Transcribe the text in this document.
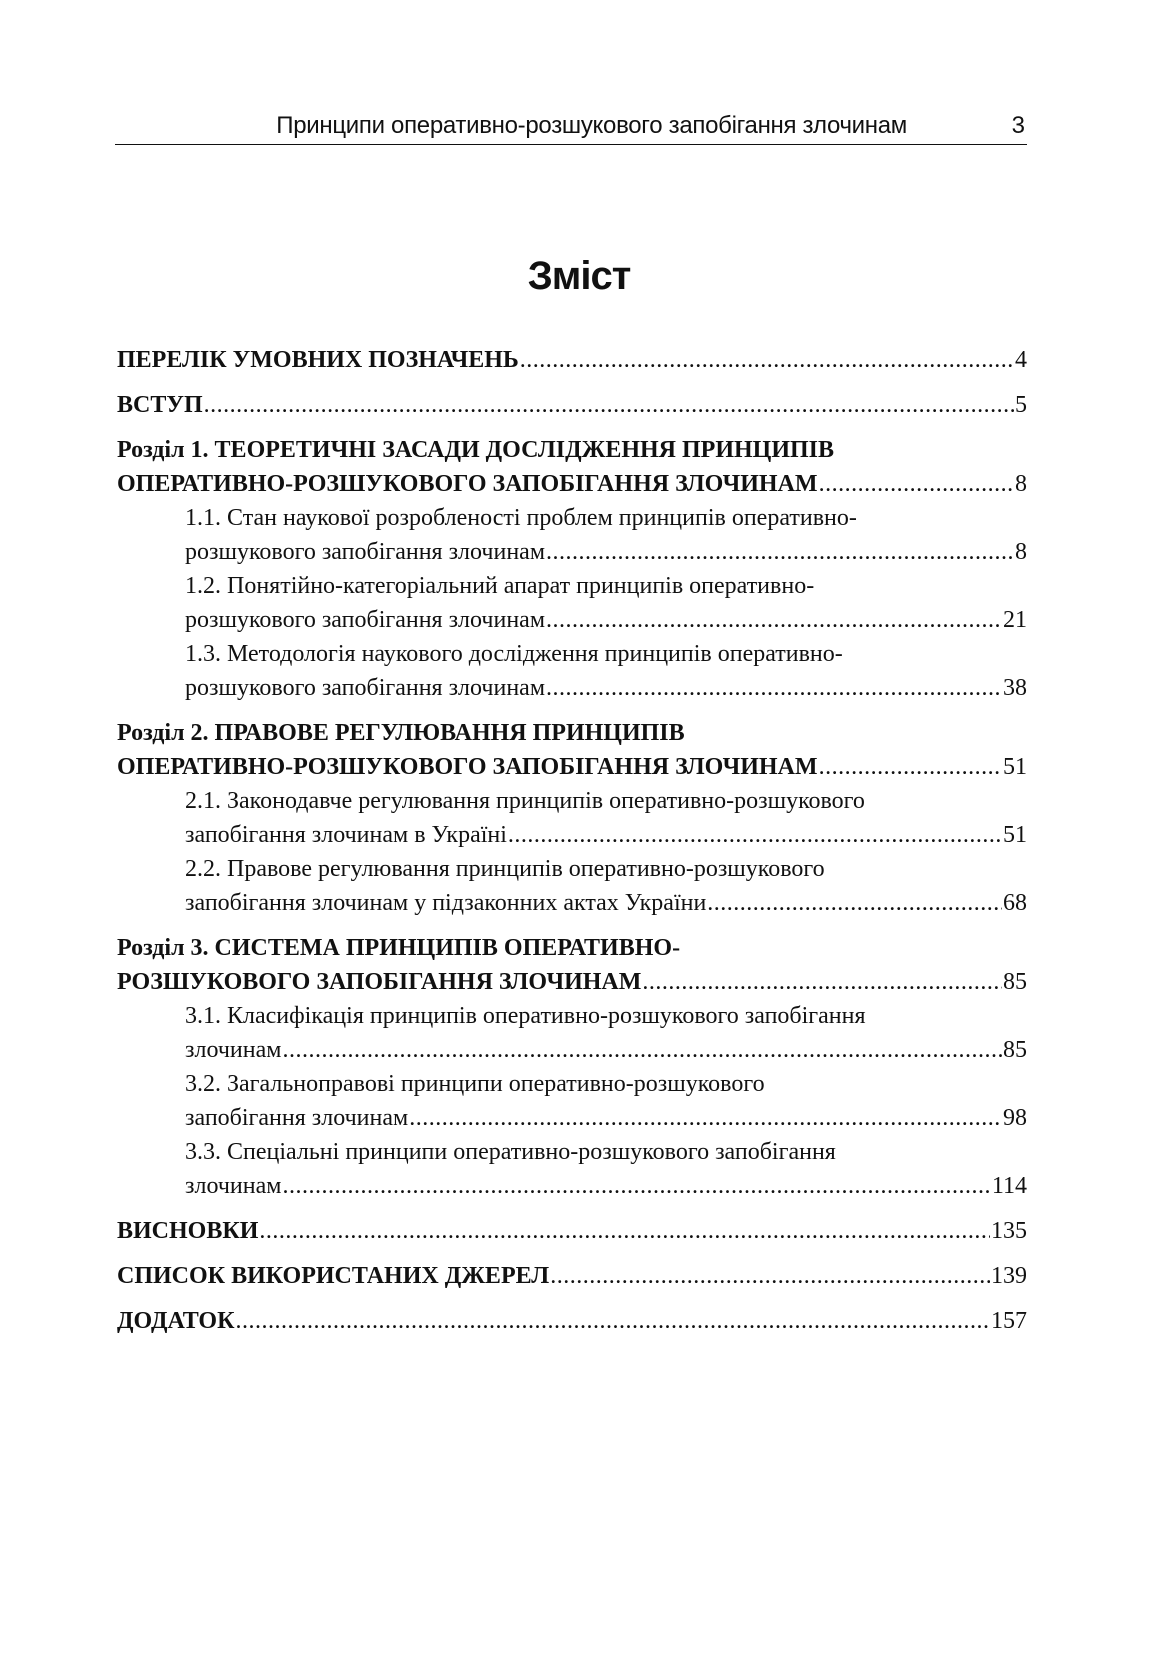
Принципи оперативно-розшукового запобігання злочинам	3
Зміст
ПЕРЕЛІК УМОВНИХ ПОЗНАЧЕНЬ .....	4
ВСТУП .....	5
Розділ 1. ТЕОРЕТИЧНІ ЗАСАДИ ДОСЛІДЖЕННЯ ПРИНЦИПІВ
ОПЕРАТИВНО-РОЗШУКОВОГО ЗАПОБІГАННЯ ЗЛОЧИНАМ .....	8
1.1. Стан наукової розробленості проблем принципів оперативно-
розшукового запобігання злочинам .....	8
1.2. Понятійно-категоріальний апарат принципів оперативно-
розшукового запобігання злочинам .....	21
1.3. Методологія наукового дослідження принципів оперативно-
розшукового запобігання злочинам .....	38
Розділ 2. ПРАВОВЕ РЕГУЛЮВАННЯ ПРИНЦИПІВ
ОПЕРАТИВНО-РОЗШУКОВОГО ЗАПОБІГАННЯ ЗЛОЧИНАМ .....	51
2.1. Законодавче регулювання принципів оперативно-розшукового
запобігання злочинам в Україні .....	51
2.2. Правове регулювання принципів оперативно-розшукового
запобігання злочинам у підзаконних актах України .....	68
Розділ 3. СИСТЕМА ПРИНЦИПІВ ОПЕРАТИВНО-
РОЗШУКОВОГО ЗАПОБІГАННЯ ЗЛОЧИНАМ .....	85
3.1. Класифікація принципів оперативно-розшукового запобігання
злочинам .....	85
3.2. Загальноправові принципи оперативно-розшукового
запобігання злочинам .....	98
3.3. Спеціальні принципи оперативно-розшукового запобігання
злочинам .....	114
ВИСНОВКИ .....	135
СПИСОК ВИКОРИСТАНИХ ДЖЕРЕЛ .....	139
ДОДАТОК .....	157
